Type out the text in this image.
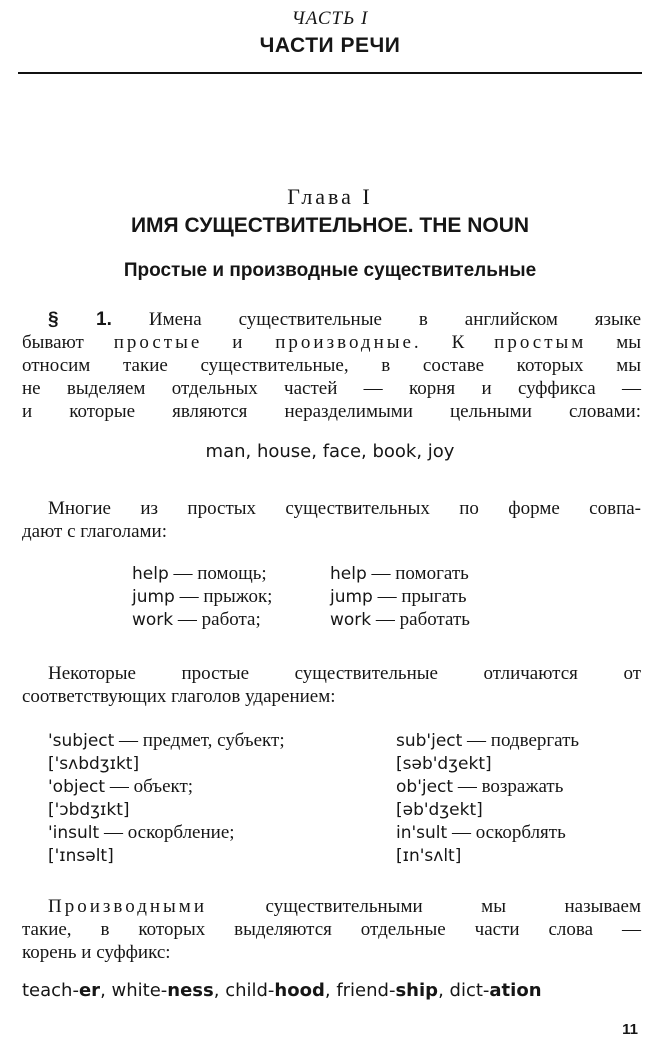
ЧАСТЬ I
ЧАСТИ РЕЧИ
Глава I
ИМЯ СУЩЕСТВИТЕЛЬНОЕ. THE NOUN
Простые и производные существительные
§ 1. Имена существительные в английском языке
бывают простые и производные. К простым мы
относим такие существительные, в составе которых мы
не выделяем отдельных частей — корня и суффикса —
и которые являются неразделимыми цельными словами:
man, house, face, book, joy
Многие из простых существительных по форме совпа-
дают с глаголами:
help — помощь;
jump — прыжок;
work — работа;
help — помогать
jump — прыгать
work — работать
Некоторые простые существительные отличаются от
соответствующих глаголов ударением:
'subject — предмет, субъект;
['sʌbdʒɪkt]
'object — объект;
['ɔbdʒɪkt]
'insult — оскорбление;
['ɪnsəlt]
sub'ject — подвергать
[səb'dʒekt]
ob'ject — возражать
[əb'dʒekt]
in'sult — оскорблять
[ɪn'sʌlt]
Производными	существительными мы называем
такие, в которых выделяются отдельные части слова —
корень и суффикс:
teach-er, white-ness, child-hood, friend-ship, dict-ation
11
